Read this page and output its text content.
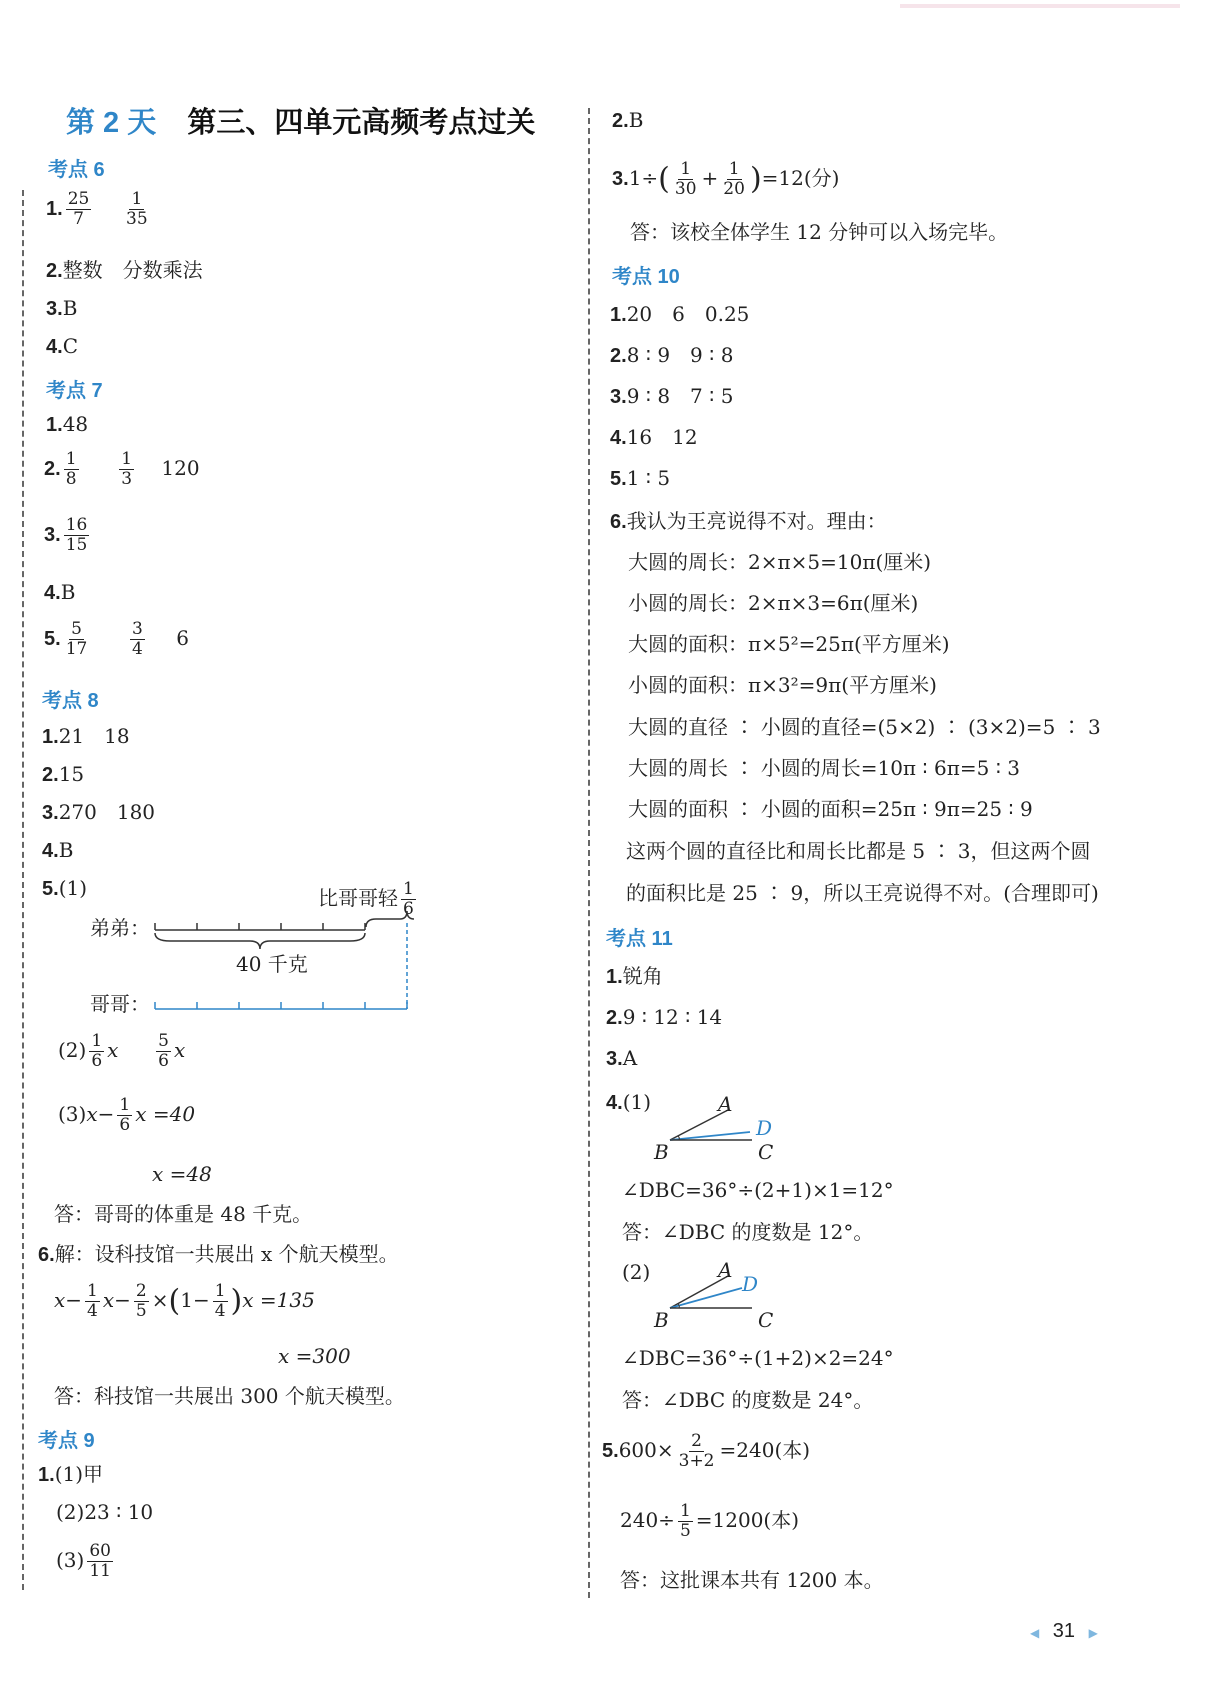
第 2 天 第三、四单元高频考点过关
考点 6
1. $\frac{25}{7}$
$\frac{1}{35}$
2.整数　分数乘法
3.B
4.C
考点 7
1.48
2. $\frac{1}{8}$
$\frac{1}{3} 120$
3. $\frac{16}{15}$
4.B
5. $\frac{5}{17}$
$\frac{3}{4} 6$
考点 8
1.21　18
2.15
3.270　180
4.B
5.(1)	比哥哥轻 $\frac{1}{6}$
弟弟：
40 千克
哥哥：
$(2) \frac{1}{6}$ x $\frac{5}{6}$ x
$(3)x- \frac{1}{6}$ x =40
x =48
答：哥哥的体重是 48 千克。
6.解：设科技馆一共展出 x 个航天模型。
$x- \frac{1}{4} x- \frac{2}{5} \times(1- \frac{1}{4} )x =135$
x =300
答：科技馆一共展出 300 个航天模型。
考点 9
1.(1)甲
(2)23 ∶ 10
$(3) \frac{60}{11}$
2.B
$3.1\div( \frac{1}{30} + \frac{1}{20} )=12$(分)
答：该校全体学生 12 分钟可以入场完毕。
考点 10
1.20　6　0.25
2.8 ∶ 9　9 ∶ 8
3.9 ∶ 8　7 ∶ 5
4.16　12
5.1 ∶ 5
6.我认为王亮说得不对。理由：
大圆的周长：2×π×5=10π(厘米)
小圆的周长：2×π×3=6π(厘米)
大圆的面积：π×5²=25π(平方厘米)
小圆的面积：π×3²=9π(平方厘米)
大圆的直径 ∶ 小圆的直径=(5×2) ∶ (3×2)=5 ∶ 3
大圆的周长 ∶ 小圆的周长=10π ∶ 6π=5 ∶ 3
大圆的面积 ∶ 小圆的面积=25π ∶ 9π=25 ∶ 9
这两个圆的直径比和周长比都是 5 ∶ 3，但这两个圆
的面积比是 25 ∶ 9，所以王亮说得不对。(合理即可)
考点 11
1.锐角
2.9 ∶ 12 ∶ 14
3.A
4.(1)	A
D
B	C
∠DBC=36°÷(2+1)×1=12°
答：∠DBC 的度数是 12°。
(2)	A
D
B	C
∠DBC=36°÷(1+2)×2=24°
答：∠DBC 的度数是 24°。
$5.600\times \frac{2}{3+2} =240$(本)
$240\div \frac{1}{5} =1200$(本)
答：这批课本共有 1200 本。
◀ 31 ▶
